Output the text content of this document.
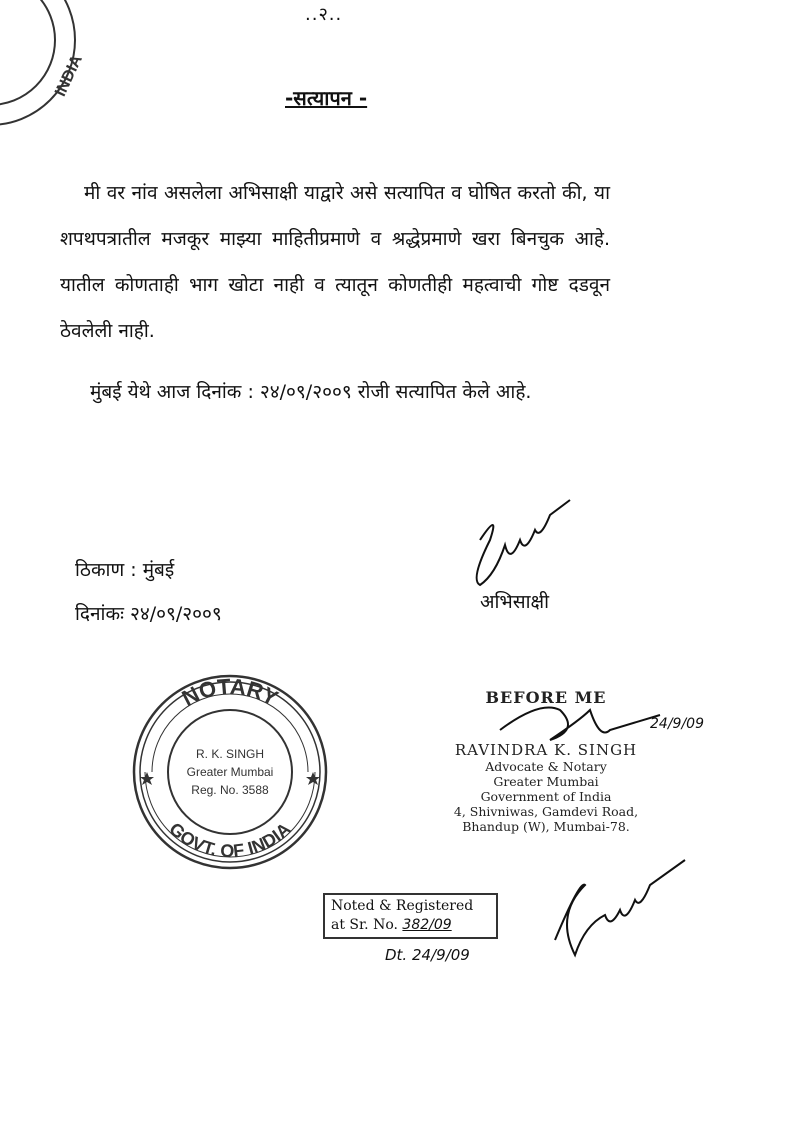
INDIA
NOTARY
GOVT. OF INDIA
R. K. SINGH
Greater Mumbai
Reg. No. 3588
24/9/09
..२..
-सत्यापन -
मी वर नांव असलेला अभिसाक्षी याद्वारे असे सत्यापित व घोषित करतो की, या शपथपत्रातील मजकूर माझ्या माहितीप्रमाणे व श्रद्धेप्रमाणे खरा बिनचुक आहे. यातील कोणताही भाग खोटा नाही व त्यातून कोणतीही महत्वाची गोष्ट दडवून ठेवलेली नाही.
मुंबई येथे आज दिनांक : २४/०९/२००९ रोजी सत्यापित केले आहे.
ठिकाण : मुंबई
दिनांकः २४/०९/२००९
अभिसाक्षी
BEFORE ME
RAVINDRA K. SINGH
Advocate & Notary
Greater Mumbai
Government of India
4, Shivniwas, Gamdevi Road,
Bhandup (W), Mumbai-78.
Noted & Registered
at Sr. No. 382/09
Dt. 24/9/09
